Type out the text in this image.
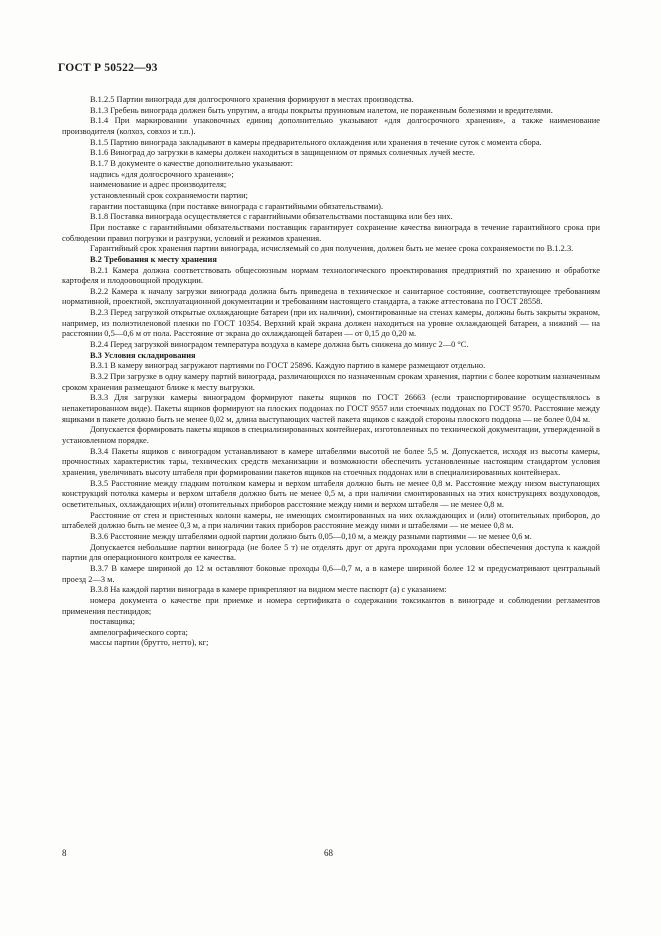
ГОСТ Р 50522—93

В.1.2.5 Партии винограда для долгосрочного хранения формируют в местах производства.

В.1.3 Гребень винограда должен быть упругим, а ягоды покрыты пруиновым налетом, не пораженным болезнями и вредителями.

В.1.4 При маркировании упаковочных единиц дополнительно указывают «для долгосрочного хранения», а также наименование производителя (колхоз, совхоз и т.п.).

В.1.5 Партию винограда закладывают в камеры предварительного охлаждения или хранения в течение суток с момента сбора.

В.1.6 Виноград до загрузки в камеры должен находиться в защищенном от прямых солнечных лучей месте.

В.1.7 В документе о качестве дополнительно указывают:

надпись «для долгосрочного хранения»;

наименование и адрес производителя;

установленный срок сохраняемости партии;

гарантии поставщика (при поставке винограда с гарантийными обязательствами).

В.1.8 Поставка винограда осуществляется с гарантийными обязательствами поставщика или без них.

При поставке с гарантийными обязательствами поставщик гарантирует сохранение качества винограда в течение гарантийного срока при соблюдении правил погрузки и разгрузки, условий и режимов хранения.

Гарантийный срок хранения партии винограда, исчисляемый со дня получения, должен быть не менее срока сохраняемости по В.1.2.3.

В.2 Требования к месту хранения

В.2.1 Камера должна соответствовать общесоюзным нормам технологического проектирования предприятий по хранению и обработке картофеля и плодоовощной продукции.

В.2.2 Камера к началу загрузки винограда должна быть приведена в техническое и санитарное состояние, соответствующее требованиям нормативной, проектной, эксплуатационной документации и требованиям настоящего стандарта, а также аттестована по ГОСТ 28558.

В.2.3 Перед загрузкой открытые охлаждающие батареи (при их наличии), смонтированные на стенах камеры, должны быть закрыты экраном, например, из полиэтиленовой пленки по ГОСТ 10354. Верхний край экрана должен находиться на уровне охлаждающей батареи, а нижний — на расстоянии 0,5—0,6 м от пола. Расстояние от экрана до охлаждающей батареи — от 0,15 до 0,20 м.

В.2.4 Перед загрузкой виноградом температура воздуха в камере должна быть снижена до минус 2—0 °С.

В.3 Условия складирования

В.3.1 В камеру виноград загружают партиями по ГОСТ 25896. Каждую партию в камере размещают отдельно.

В.3.2 При загрузке в одну камеру партий винограда, различающихся по назначенным срокам хранения, партии с более коротким назначенным сроком хранения размещают ближе к месту выгрузки.

В.3.3 Для загрузки камеры виноградом формируют пакеты ящиков по ГОСТ 26663 (если транспортирование осуществлялось в непакетированном виде). Пакеты ящиков формируют на плоских поддонах по ГОСТ 9557 или стоечных поддонах по ГОСТ 9570. Расстояние между ящиками в пакете должно быть не менее 0,02 м, длина выступающих частей пакета ящиков с каждой стороны плоского поддона — не более 0,04 м.

Допускается формировать пакеты ящиков в специализированных контейнерах, изготовленных по технической документации, утвержденной в установленном порядке.

В.3.4 Пакеты ящиков с виноградом устанавливают в камере штабелями высотой не более 5,5 м. Допускается, исходя из высоты камеры, прочностных характеристик тары, технических средств механизации и возможности обеспечить установленные настоящим стандартом условия хранения, увеличивать высоту штабеля при формировании пакетов ящиков на стоечных поддонах или в специализированных контейнерах.

В.3.5 Расстояние между гладким потолком камеры и верхом штабеля должно быть не менее 0,8 м. Расстояние между низом выступающих конструкций потолка камеры и верхом штабеля должно быть не менее 0,5 м, а при наличии смонтированных на этих конструкциях воздуховодов, осветительных, охлаждающих и(или) отопительных приборов расстояние между ними и верхом штабеля — не менее 0,8 м.

Расстояние от стен и пристенных колонн камеры, не имеющих смонтированных на них охлаждающих и (или) отопительных приборов, до штабелей должно быть не менее 0,3 м, а при наличии таких приборов расстояние между ними и штабелями — не менее 0,8 м.

В.3.6 Расстояние между штабелями одной партии должно быть 0,05—0,10 м, а между разными партиями — не менее 0,6 м.

Допускается небольшие партии винограда (не более 5 т) не отделять друг от друга проходами при условии обеспечения доступа к каждой партии для операционного контроля ее качества.

В.3.7 В камере шириной до 12 м оставляют боковые проходы 0,6—0,7 м, а в камере шириной более 12 м предусматривают центральный проезд 2—3 м.

В.3.8 На каждой партии винограда в камере прикрепляют на видном месте паспорт (а) с указанием:

номера документа о качестве при приемке и номера сертификата о содержании токсикантов в винограде и соблюдении регламентов применения пестицидов;

поставщика;

ампелографического сорта;

массы партии (брутто, нетто), кг;

8	68
